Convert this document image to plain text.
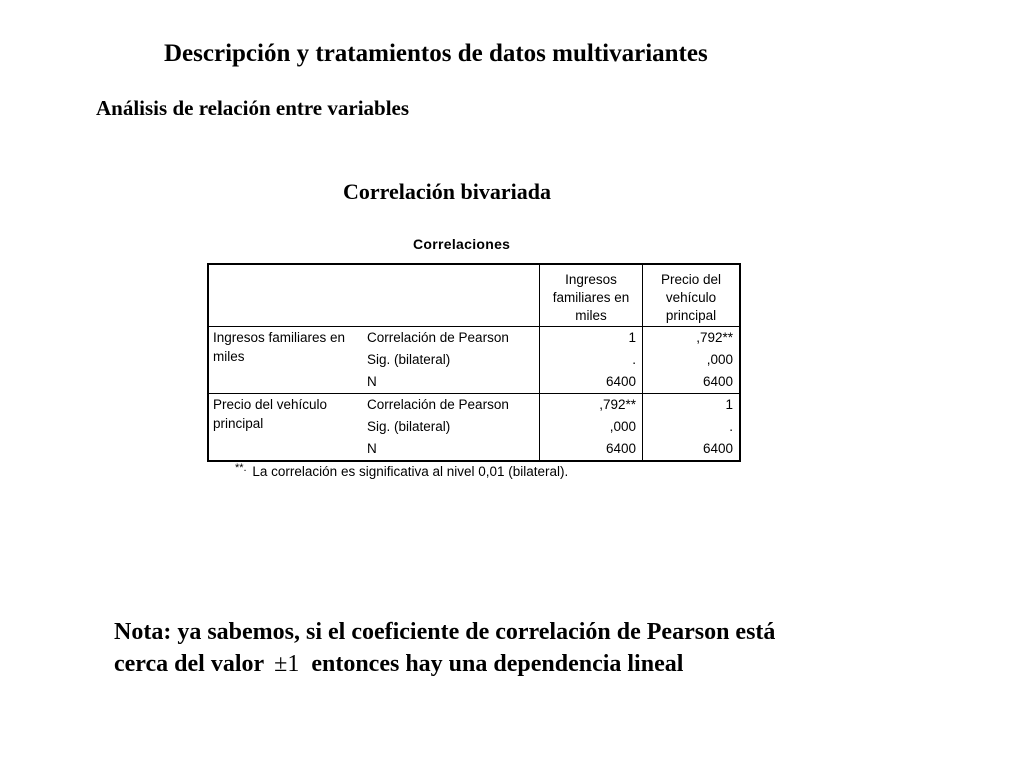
Descripción y tratamientos de datos multivariantes
Análisis de relación entre variables
Correlación bivariada
Correlaciones
		Ingresos familiares en miles	Precio del vehículo principal
Ingresos familiares en miles	Correlación de Pearson	1	,792**
	Sig. (bilateral)	.	,000
	N	6400	6400
Precio del vehículo principal	Correlación de Pearson	,792**	1
	Sig. (bilateral)	,000	.
	N	6400	6400
**. La correlación es significativa al nivel 0,01 (bilateral).
Nota: ya sabemos, si el coeficiente de correlación de Pearson está
cerca del valor ±1 entonces hay una dependencia lineal
